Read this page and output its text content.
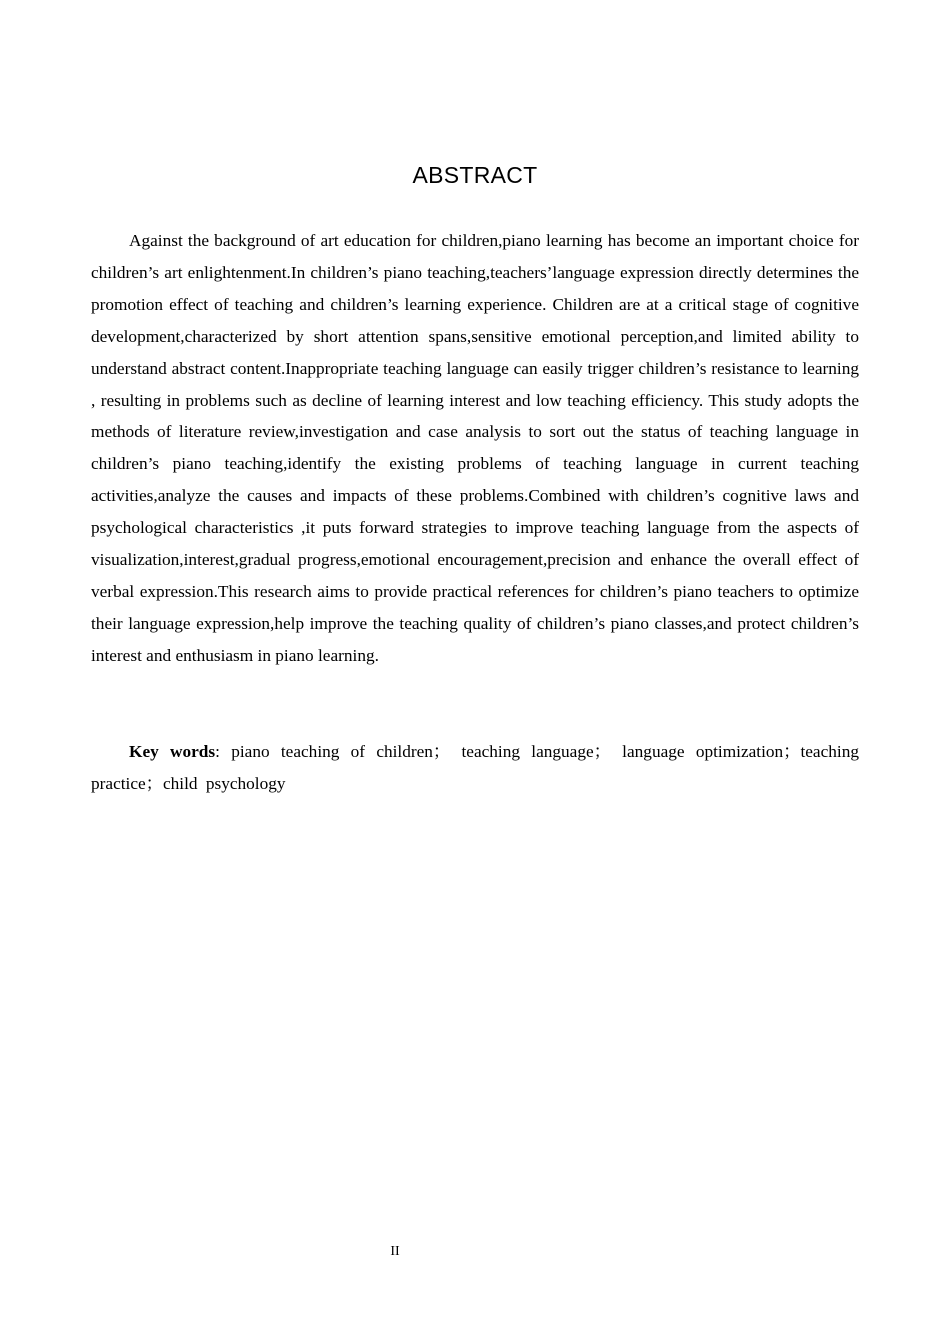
ABSTRACT

Against the background of art education for children,piano learning has become an important choice for children’s art enlightenment.In children’s piano teaching,teachers’language expression directly determines the promotion effect of teaching and children’s learning experience. Children are at a critical stage of cognitive development,characterized by short attention spans,sensitive emotional perception,and limited ability to understand abstract content.Inappropriate teaching language can easily trigger children’s resistance to learning , resulting in problems such as decline of learning interest and low teaching efficiency. This study adopts the methods of literature review,investigation and case analysis to sort out the status of teaching language in children’s piano teaching,identify the existing problems of teaching language in current teaching activities,analyze the causes and impacts of these problems.Combined with children’s cognitive laws and psychological characteristics ,it puts forward strategies to improve teaching language from the aspects of visualization,interest,gradual progress,emotional encouragement,precision and enhance the overall effect of verbal expression.This research aims to provide practical references for children’s piano teachers to optimize their language expression,help improve the teaching quality of children’s piano classes,and protect children’s interest and enthusiasm in piano learning.

Key words: piano teaching of children； teaching language； language optimization；teaching practice；child psychology

II
